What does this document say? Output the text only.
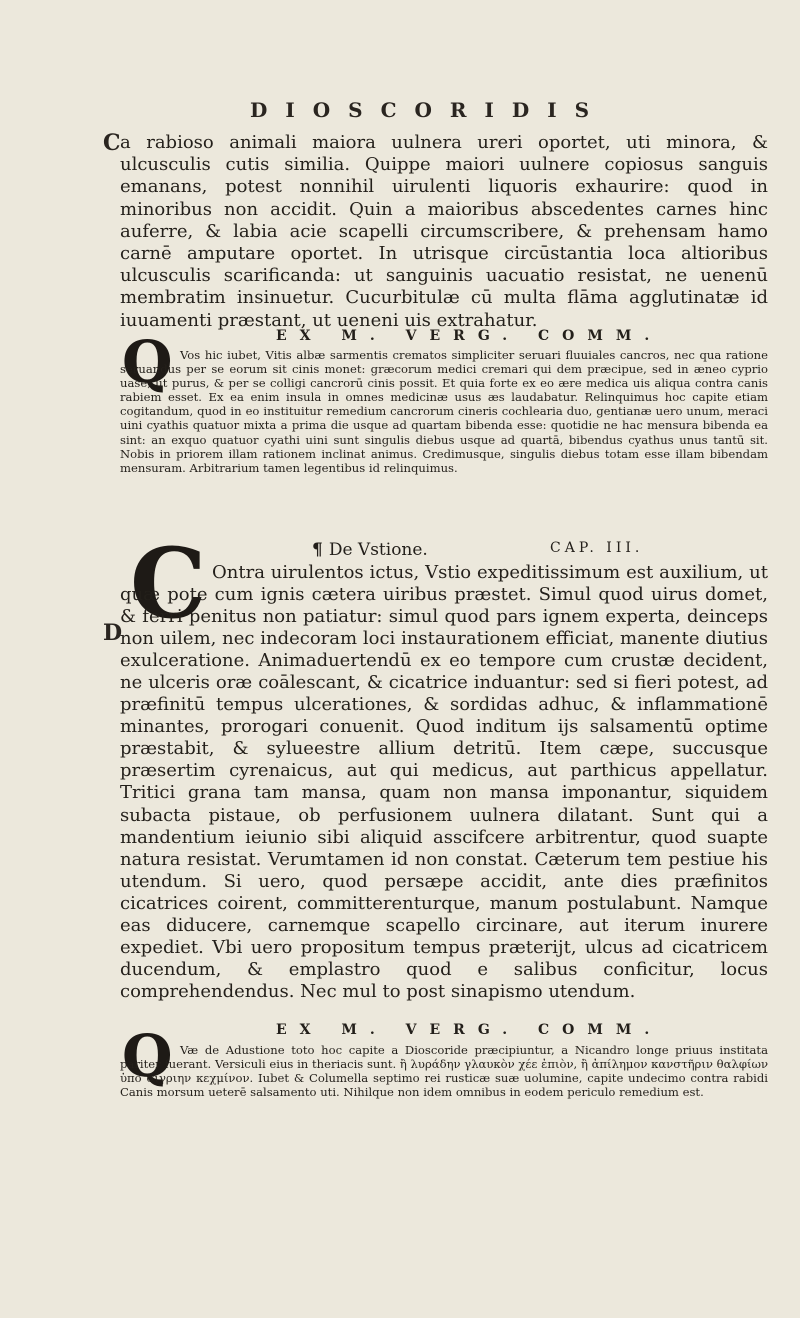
DIOSCORIDIS
C
D

a rabioso animali maiora uulnera ureri oportet, uti minora, & ulcusculis cutis similia. Quippe maiori uulnere copiosus sanguis emanans, potest nonnihil uirulenti liquoris exhaurire: quod in minoribus non accidit. Quin a maioribus abscedentes carnes hinc auferre, & labia acie scapelli circumscribere, & prehensam hamo carnē amputare oportet. In utrisque circūstantia loca altioribus ulcusculis scarificanda: ut sanguinis uacuatio resistat, ne uenenū membratim insinuetur. Cucurbitulæ cū multa flāma agglutinatæ id iuuamenti præstant, ut ueneni uis extrahatur.

EX M. VERG. COMM.
Q Vos hic iubet, Vitis albæ sarmentis crematos simpliciter seruari fluuiales cancros, nec qua ratione seruandus per se eorum sit cinis monet: græcorum medici cremari qui dem præcipue, sed in æneo cyprio uase, ut purus, & per se colligi cancrorū cinis possit. Et quia forte ex eo ære medica uis aliqua contra canis rabiem esset. Ex ea enim insula in omnes medicinæ usus æs laudabatur. Relinquimus hoc capite etiam cogitandum, quod in eo instituitur remedium cancrorum cineris cochlearia duo, gentianæ uero unum, meraci uini cyathis quatuor mixta a prima die usque ad quartam bibenda esse: quotidie ne hac mensura bibenda ea sint: an exquo quatuor cyathi uini sunt singulis diebus usque ad quartā, bibendus cyathus unus tantū sit. Nobis in priorem illam rationem inclinat animus. Credimusque, singulis diebus totam esse illam bibendam mensuram. Arbitrarium tamen legentibus id relinquimus.

¶ De Vstione.	CAP. III.
C Ontra uirulentos ictus, Vstio expeditissimum est auxilium, ut quæ pote cum ignis cætera uiribus præstet. Simul quod uirus domet, & ferri penitus non patiatur: simul quod pars ignem experta, deinceps non uilem, nec indecoram loci instaurationem efficiat, manente diutius exulceratione. Animaduertendū ex eo tempore cum crustæ decident, ne ulceris oræ coālescant, & cicatrice induantur: sed si fieri potest, ad præfinitū tempus ulcerationes, & sordidas adhuc, & inflammationē minantes, prorogari conuenit. Quod inditum ijs salsamentū optime præstabit, & sylueestre allium detritū. Item cæpe, succusque præsertim cyrenaicus, aut qui medicus, aut parthicus appellatur. Tritici grana tam mansa, quam non mansa imponantur, siquidem subacta pistaue, ob perfusionem uulnera dilatant. Sunt qui a mandentium ieiunio sibi aliquid asscifcere arbitrentur, quod suapte natura resistat. Verumtamen id non constat. Cæterum tem pestiue his utendum. Si uero, quod persæpe accidit, ante dies præfinitos cicatrices coirent, committerenturque, manum postulabunt. Namque eas diducere, carnemque scapello circinare, aut iterum inurere expediet. Vbi uero propositum tempus præterijt, ulcus ad cicatricem ducendum, & emplastro quod e salibus conficitur, locus comprehendendus. Nec mul to post sinapismo utendum.

EX M. VERG. COMM.
Q Væ de Adustione toto hoc capite a Dioscoride præcipiuntur, a Nicandro longe priuus institata pariter fuerant. Versiculi eius in theriacis sunt. ἢ λυράδην γλαυκὸν χέε ἐπιὸν, ἢ ἀπίλημον κανστῆριν θαλφίων ὑπὸ σίγριην κεχμίνον. Iubet & Columella septimo rei rusticæ suæ uolumine, capite undecimo contra rabidi Canis morsum ueterē salsamento uti. Nihilque non idem omnibus in eodem periculo remedium est.
